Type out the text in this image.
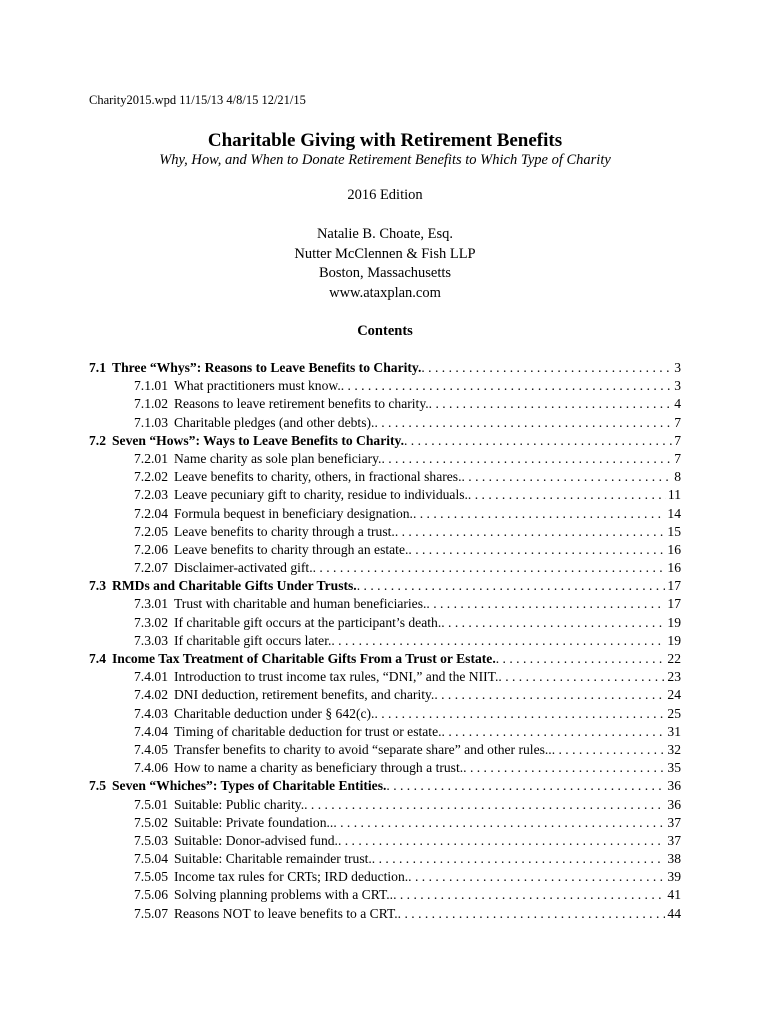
Charity2015.wpd 11/15/13 4/8/15 12/21/15
Charitable Giving with Retirement Benefits
Why, How, and When to Donate Retirement Benefits to Which Type of Charity
2016 Edition
Natalie B. Choate, Esq.
Nutter McClennen & Fish LLP
Boston, Massachusetts
www.ataxplan.com
Contents
7.1 Three “Whys”: Reasons to Leave Benefits to Charity. . . .	3
7.1.01 What practitioners must know. . . .	3
7.1.02 Reasons to leave retirement benefits to charity. . . .	4
7.1.03 Charitable pledges (and other debts). . . .	7
7.2 Seven “Hows”: Ways to Leave Benefits to Charity. . . .	7
7.2.01 Name charity as sole plan beneficiary. . . .	7
7.2.02 Leave benefits to charity, others, in fractional shares. . . .	8
7.2.03 Leave pecuniary gift to charity, residue to individuals. . . .	11
7.2.04 Formula bequest in beneficiary designation. . . .	14
7.2.05 Leave benefits to charity through a trust. . . .	15
7.2.06 Leave benefits to charity through an estate. . . .	16
7.2.07 Disclaimer-activated gift. . . .	16
7.3 RMDs and Charitable Gifts Under Trusts. . . .	17
7.3.01 Trust with charitable and human beneficiaries. . . .	17
7.3.02 If charitable gift occurs at the participant’s death. . . .	19
7.3.03 If charitable gift occurs later. . . .	19
7.4 Income Tax Treatment of Charitable Gifts From a Trust or Estate. . . .	22
7.4.01 Introduction to trust income tax rules, “DNI,” and the NIIT. . . .	23
7.4.02 DNI deduction, retirement benefits, and charity. . . .	24
7.4.03 Charitable deduction under § 642(c). . . .	25
7.4.04 Timing of charitable deduction for trust or estate. . . .	31
7.4.05 Transfer benefits to charity to avoid “separate share” and other rules.. . . .	32
7.4.06 How to name a charity as beneficiary through a trust. . . .	35
7.5 Seven “Whiches”: Types of Charitable Entities. . . .	36
7.5.01 Suitable: Public charity. . . .	36
7.5.02 Suitable: Private foundation.. . . .	37
7.5.03 Suitable: Donor-advised fund. . . .	37
7.5.04 Suitable: Charitable remainder trust. . . .	38
7.5.05 Income tax rules for CRTs; IRD deduction. . . .	39
7.5.06 Solving planning problems with a CRT.. . . .	41
7.5.07 Reasons NOT to leave benefits to a CRT. . . .	44
